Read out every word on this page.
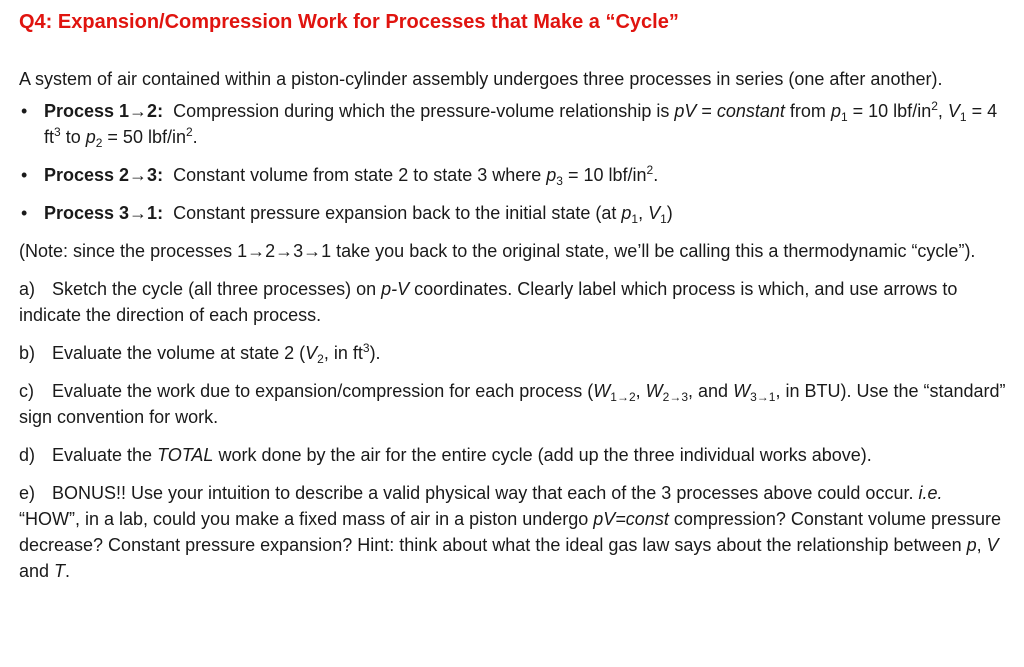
Q4: Expansion/Compression Work for Processes that Make a “Cycle”
A system of air contained within a piston-cylinder assembly undergoes three processes in series (one after another).
• Process 1→2: Compression during which the pressure-volume relationship is pV = constant from $p_1 = 10$ lbf/$in^2$, $V_1 = 4$ $ft^3$ to $p_2 = 50$ lbf/$in^2$.
• Process 2→3: Constant volume from state 2 to state 3 where $p_3 = 10$ lbf/$in^2$.
• Process 3→1: Constant pressure expansion back to the initial state (at $p_1$, $V_1$)
(Note: since the processes 1→2→3→1 take you back to the original state, we’ll be calling this a thermodynamic “cycle”).
a) Sketch the cycle (all three processes) on p-V coordinates. Clearly label which process is which, and use arrows to indicate the direction of each process.
b) Evaluate the volume at state 2 ($V_2$, in $ft^3$).
c) Evaluate the work due to expansion/compression for each process ($W_{1\to 2}$, $W_{2\to 3}$, and $W_{3\to 1}$, in BTU). Use the “standard” sign convention for work.
d) Evaluate the TOTAL work done by the air for the entire cycle (add up the three individual works above).
e) BONUS!! Use your intuition to describe a valid physical way that each of the 3 processes above could occur. i.e. “HOW”, in a lab, could you make a fixed mass of air in a piston undergo pV=const compression? Constant volume pressure decrease? Constant pressure expansion? Hint: think about what the ideal gas law says about the relationship between p, V and T.
